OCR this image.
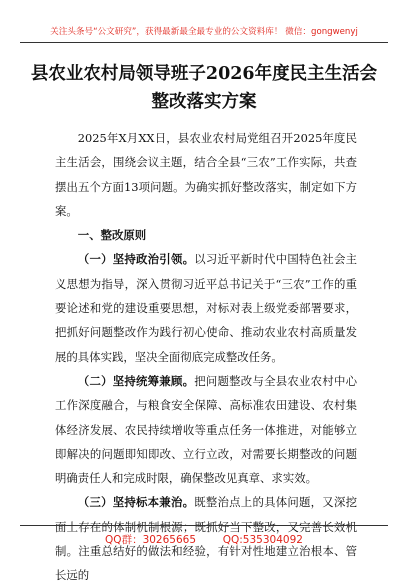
关注头条号“公文研究”，获得最新最全最专业的公文资料库！ 微信：gongwenyj
县农业农村局领导班子2026年度民主生活会整改落实方案

2025年X月XX日，县农业农村局党组召开2025年度民主生活会，围绕会议主题，结合全县“三农”工作实际，共查摆出五个方面13项问题。为确实抓好整改落实，制定如下方案。

一、整改原则

（一）坚持政治引领。以习近平新时代中国特色社会主义思想为指导，深入贯彻习近平总书记关于“三农”工作的重要论述和党的建设重要思想，对标对表上级党委部署要求，把抓好问题整改作为践行初心使命、推动农业农村高质量发展的具体实践，坚决全面彻底完成整改任务。

（二）坚持统筹兼顾。把问题整改与全县农业农村中心工作深度融合，与粮食安全保障、高标准农田建设、农村集体经济发展、农民持续增收等重点任务一体推进，对能够立即解决的问题即知即改、立行立改，对需要长期整改的问题明确责任人和完成时限，确保整改见真章、求实效。

（三）坚持标本兼治。既整治点上的具体问题，又深挖面上存在的体制机制根源；既抓好当下整改，又完善长效机制。注重总结好的做法和经验，有针对性地建立治根本、管长远的

QQ群：30265665	QQ:535304092
